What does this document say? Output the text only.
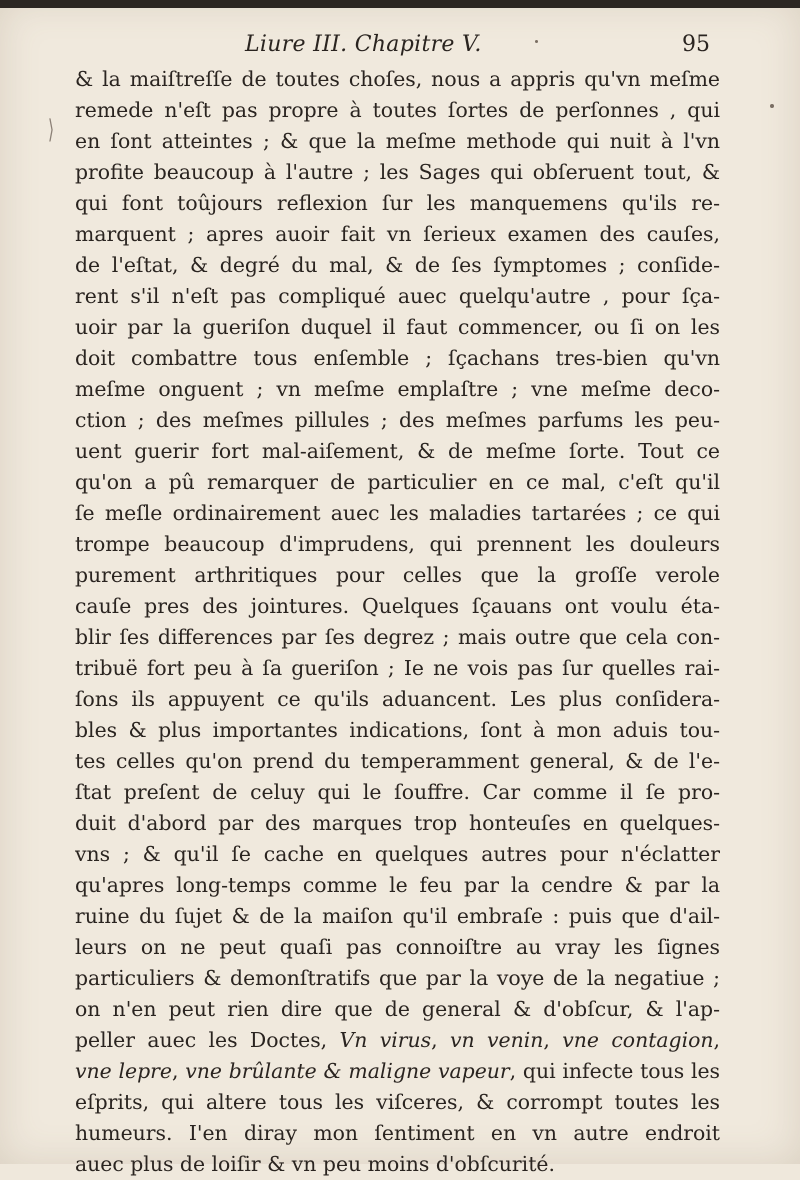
Liure III. Chapitre V.	95
⟩
& la maiſtreſſe de toutes choſes, nous a appris qu'vn meſme
remede n'eſt pas propre à toutes ſortes de perſonnes , qui
en ſont atteintes ; & que la meſme methode qui nuit à l'vn
profite beaucoup à l'autre ; les Sages qui obſeruent tout, &
qui font toûjours reflexion ſur les manquemens qu'ils re-
marquent ; apres auoir fait vn ſerieux examen des cauſes,
de l'eſtat, & degré du mal, & de ſes ſymptomes ; conſide-
rent s'il n'eſt pas compliqué auec quelqu'autre , pour ſça-
uoir par la gueriſon duquel il faut commencer, ou ſi on les
doit combattre tous enſemble ; ſçachans tres-bien qu'vn
meſme onguent ; vn meſme emplaſtre ; vne meſme deco-
ction ; des meſmes pillules ; des meſmes parfums les peu-
uent guerir fort mal-aiſement, & de meſme ſorte. Tout ce
qu'on a pû remarquer de particulier en ce mal, c'eſt qu'il
ſe meſle ordinairement auec les maladies tartarées ; ce qui
trompe beaucoup d'imprudens, qui prennent les douleurs
purement arthritiques pour celles que la groſſe verole
cauſe pres des jointures. Quelques ſçauans ont voulu éta-
blir ſes differences par ſes degrez ; mais outre que cela con-
tribuë fort peu à ſa gueriſon ; Ie ne vois pas ſur quelles rai-
ſons ils appuyent ce qu'ils aduancent. Les plus conſidera-
bles & plus importantes indications, ſont à mon aduis tou-
tes celles qu'on prend du temperamment general, & de l'e-
ſtat preſent de celuy qui le ſouffre. Car comme il ſe pro-
duit d'abord par des marques trop honteuſes en quelques-
vns ; & qu'il ſe cache en quelques autres pour n'éclatter
qu'apres long-temps comme le feu par la cendre & par la
ruine du ſujet & de la maiſon qu'il embraſe : puis que d'ail-
leurs on ne peut quaſi pas connoiſtre au vray les ſignes
particuliers & demonſtratifs que par la voye de la negatiue ;
on n'en peut rien dire que de general & d'obſcur, & l'ap-
peller auec les Doctes, Vn virus, vn venin, vne contagion,
vne lepre, vne brûlante & maligne vapeur, qui infecte tous les
eſprits, qui altere tous les viſceres, & corrompt toutes les
humeurs. I'en diray mon ſentiment en vn autre endroit
auec plus de loiſir & vn peu moins d'obſcurité.
